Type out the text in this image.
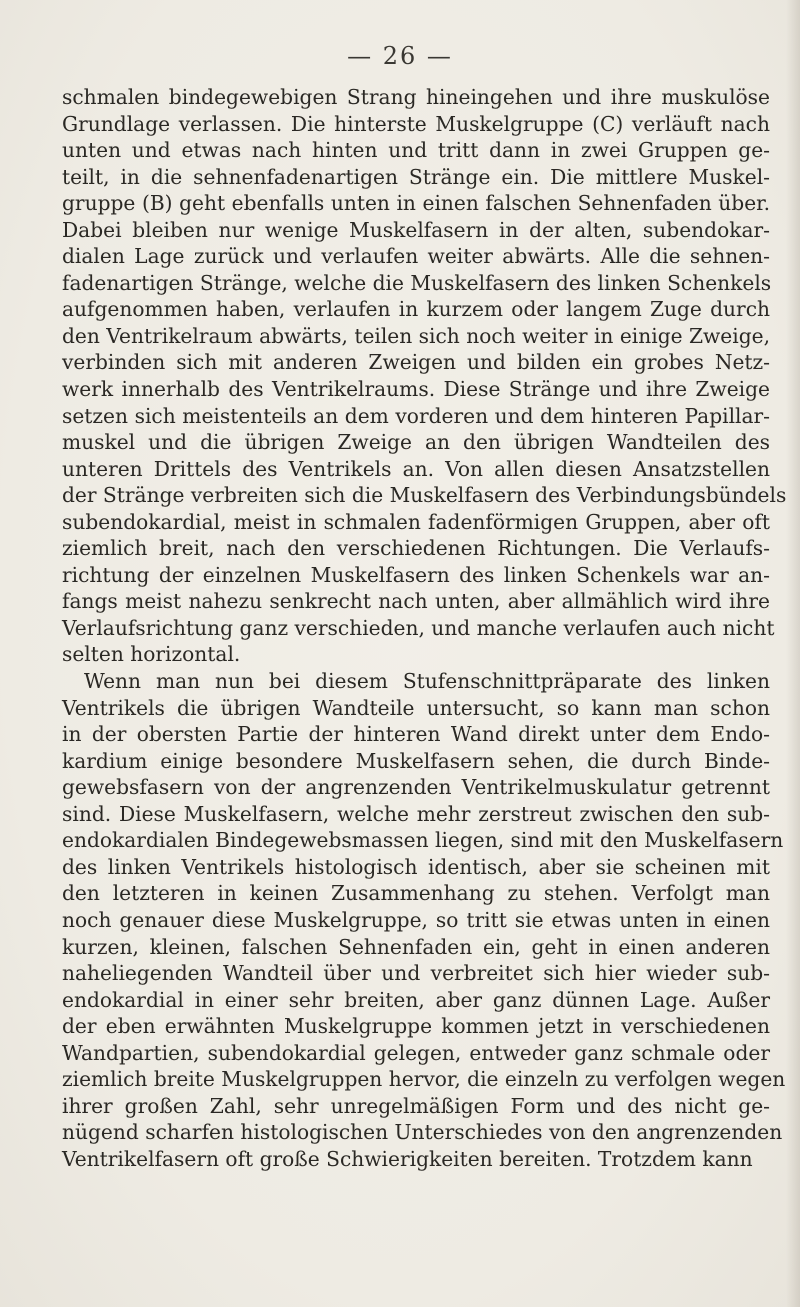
— 26 —
schmalen bindegewebigen Strang hineingehen und ihre muskulöse
Grundlage verlassen. Die hinterste Muskelgruppe (C) verläuft nach
unten und etwas nach hinten und tritt dann in zwei Gruppen ge-
teilt, in die sehnenfadenartigen Stränge ein. Die mittlere Muskel-
gruppe (B) geht ebenfalls unten in einen falschen Sehnenfaden über.
Dabei bleiben nur wenige Muskelfasern in der alten, subendokar-
dialen Lage zurück und verlaufen weiter abwärts. Alle die sehnen-
fadenartigen Stränge, welche die Muskelfasern des linken Schenkels
aufgenommen haben, verlaufen in kurzem oder langem Zuge durch
den Ventrikelraum abwärts, teilen sich noch weiter in einige Zweige,
verbinden sich mit anderen Zweigen und bilden ein grobes Netz-
werk innerhalb des Ventrikelraums. Diese Stränge und ihre Zweige
setzen sich meistenteils an dem vorderen und dem hinteren Papillar-
muskel und die übrigen Zweige an den übrigen Wandteilen des
unteren Drittels des Ventrikels an. Von allen diesen Ansatzstellen
der Stränge verbreiten sich die Muskelfasern des Verbindungsbündels
subendokardial, meist in schmalen fadenförmigen Gruppen, aber oft
ziemlich breit, nach den verschiedenen Richtungen. Die Verlaufs-
richtung der einzelnen Muskelfasern des linken Schenkels war an-
fangs meist nahezu senkrecht nach unten, aber allmählich wird ihre
Verlaufsrichtung ganz verschieden, und manche verlaufen auch nicht
selten horizontal.
Wenn man nun bei diesem Stufenschnittpräparate des linken
Ventrikels die übrigen Wandteile untersucht, so kann man schon
in der obersten Partie der hinteren Wand direkt unter dem Endo-
kardium einige besondere Muskelfasern sehen, die durch Binde-
gewebsfasern von der angrenzenden Ventrikelmuskulatur getrennt
sind. Diese Muskelfasern, welche mehr zerstreut zwischen den sub-
endokardialen Bindegewebsmassen liegen, sind mit den Muskelfasern
des linken Ventrikels histologisch identisch, aber sie scheinen mit
den letzteren in keinen Zusammenhang zu stehen. Verfolgt man
noch genauer diese Muskelgruppe, so tritt sie etwas unten in einen
kurzen, kleinen, falschen Sehnenfaden ein, geht in einen anderen
naheliegenden Wandteil über und verbreitet sich hier wieder sub-
endokardial in einer sehr breiten, aber ganz dünnen Lage. Außer
der eben erwähnten Muskelgruppe kommen jetzt in verschiedenen
Wandpartien, subendokardial gelegen, entweder ganz schmale oder
ziemlich breite Muskelgruppen hervor, die einzeln zu verfolgen wegen
ihrer großen Zahl, sehr unregelmäßigen Form und des nicht ge-
nügend scharfen histologischen Unterschiedes von den angrenzenden
Ventrikelfasern oft große Schwierigkeiten bereiten. Trotzdem kann
